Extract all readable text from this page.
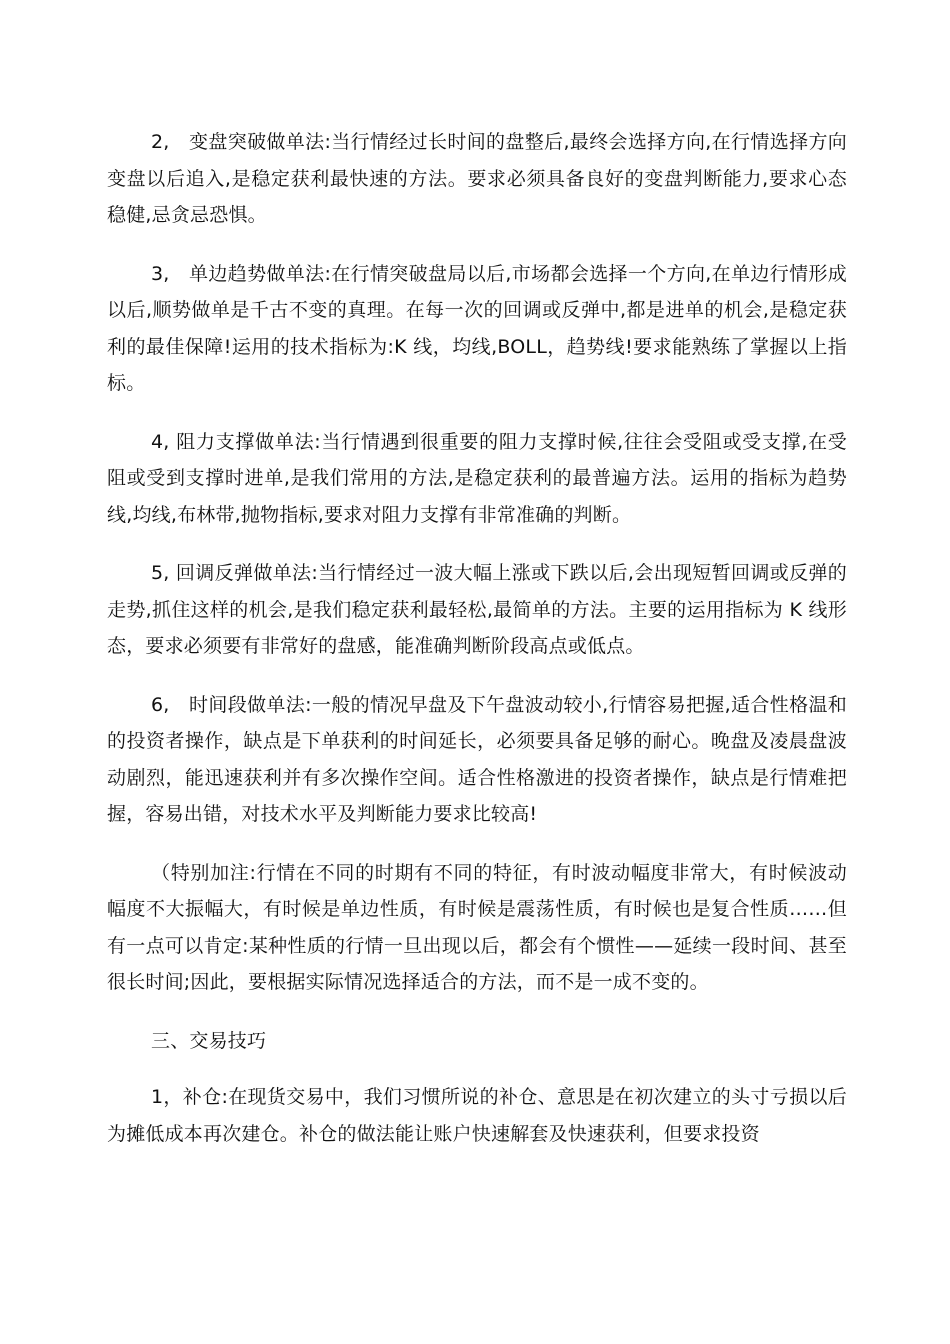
2,　变盘突破做单法:当行情经过长时间的盘整后,最终会选择方向,在行情选择方向变盘以后追入,是稳定获利最快速的方法。要求必须具备良好的变盘判断能力,要求心态稳健,忌贪忌恐惧。

3,　单边趋势做单法:在行情突破盘局以后,市场都会选择一个方向,在单边行情形成以后,顺势做单是千古不变的真理。在每一次的回调或反弹中,都是进单的机会,是稳定获利的最佳保障!运用的技术指标为:K 线，均线,BOLL，趋势线!要求能熟练了掌握以上指标。

4, 阻力支撑做单法:当行情遇到很重要的阻力支撑时候,往往会受阻或受支撑,在受阻或受到支撑时进单,是我们常用的方法,是稳定获利的最普遍方法。运用的指标为趋势线,均线,布林带,抛物指标,要求对阻力支撑有非常准确的判断。

5, 回调反弹做单法:当行情经过一波大幅上涨或下跌以后,会出现短暂回调或反弹的走势,抓住这样的机会,是我们稳定获利最轻松,最简单的方法。主要的运用指标为 K 线形态，要求必须要有非常好的盘感，能准确判断阶段高点或低点。

6,　时间段做单法:一般的情况早盘及下午盘波动较小,行情容易把握,适合性格温和的投资者操作，缺点是下单获利的时间延长，必须要具备足够的耐心。晚盘及凌晨盘波动剧烈，能迅速获利并有多次操作空间。适合性格激进的投资者操作，缺点是行情难把握，容易出错，对技术水平及判断能力要求比较高!

（特别加注:行情在不同的时期有不同的特征，有时波动幅度非常大，有时候波动幅度不大振幅大，有时候是单边性质，有时候是震荡性质，有时候也是复合性质……但有一点可以肯定:某种性质的行情一旦出现以后，都会有个惯性——延续一段时间、甚至很长时间;因此，要根据实际情况选择适合的方法，而不是一成不变的。

三、交易技巧

1，补仓:在现货交易中，我们习惯所说的补仓、意思是在初次建立的头寸亏损以后为摊低成本再次建仓。补仓的做法能让账户快速解套及快速获利，但要求投资
